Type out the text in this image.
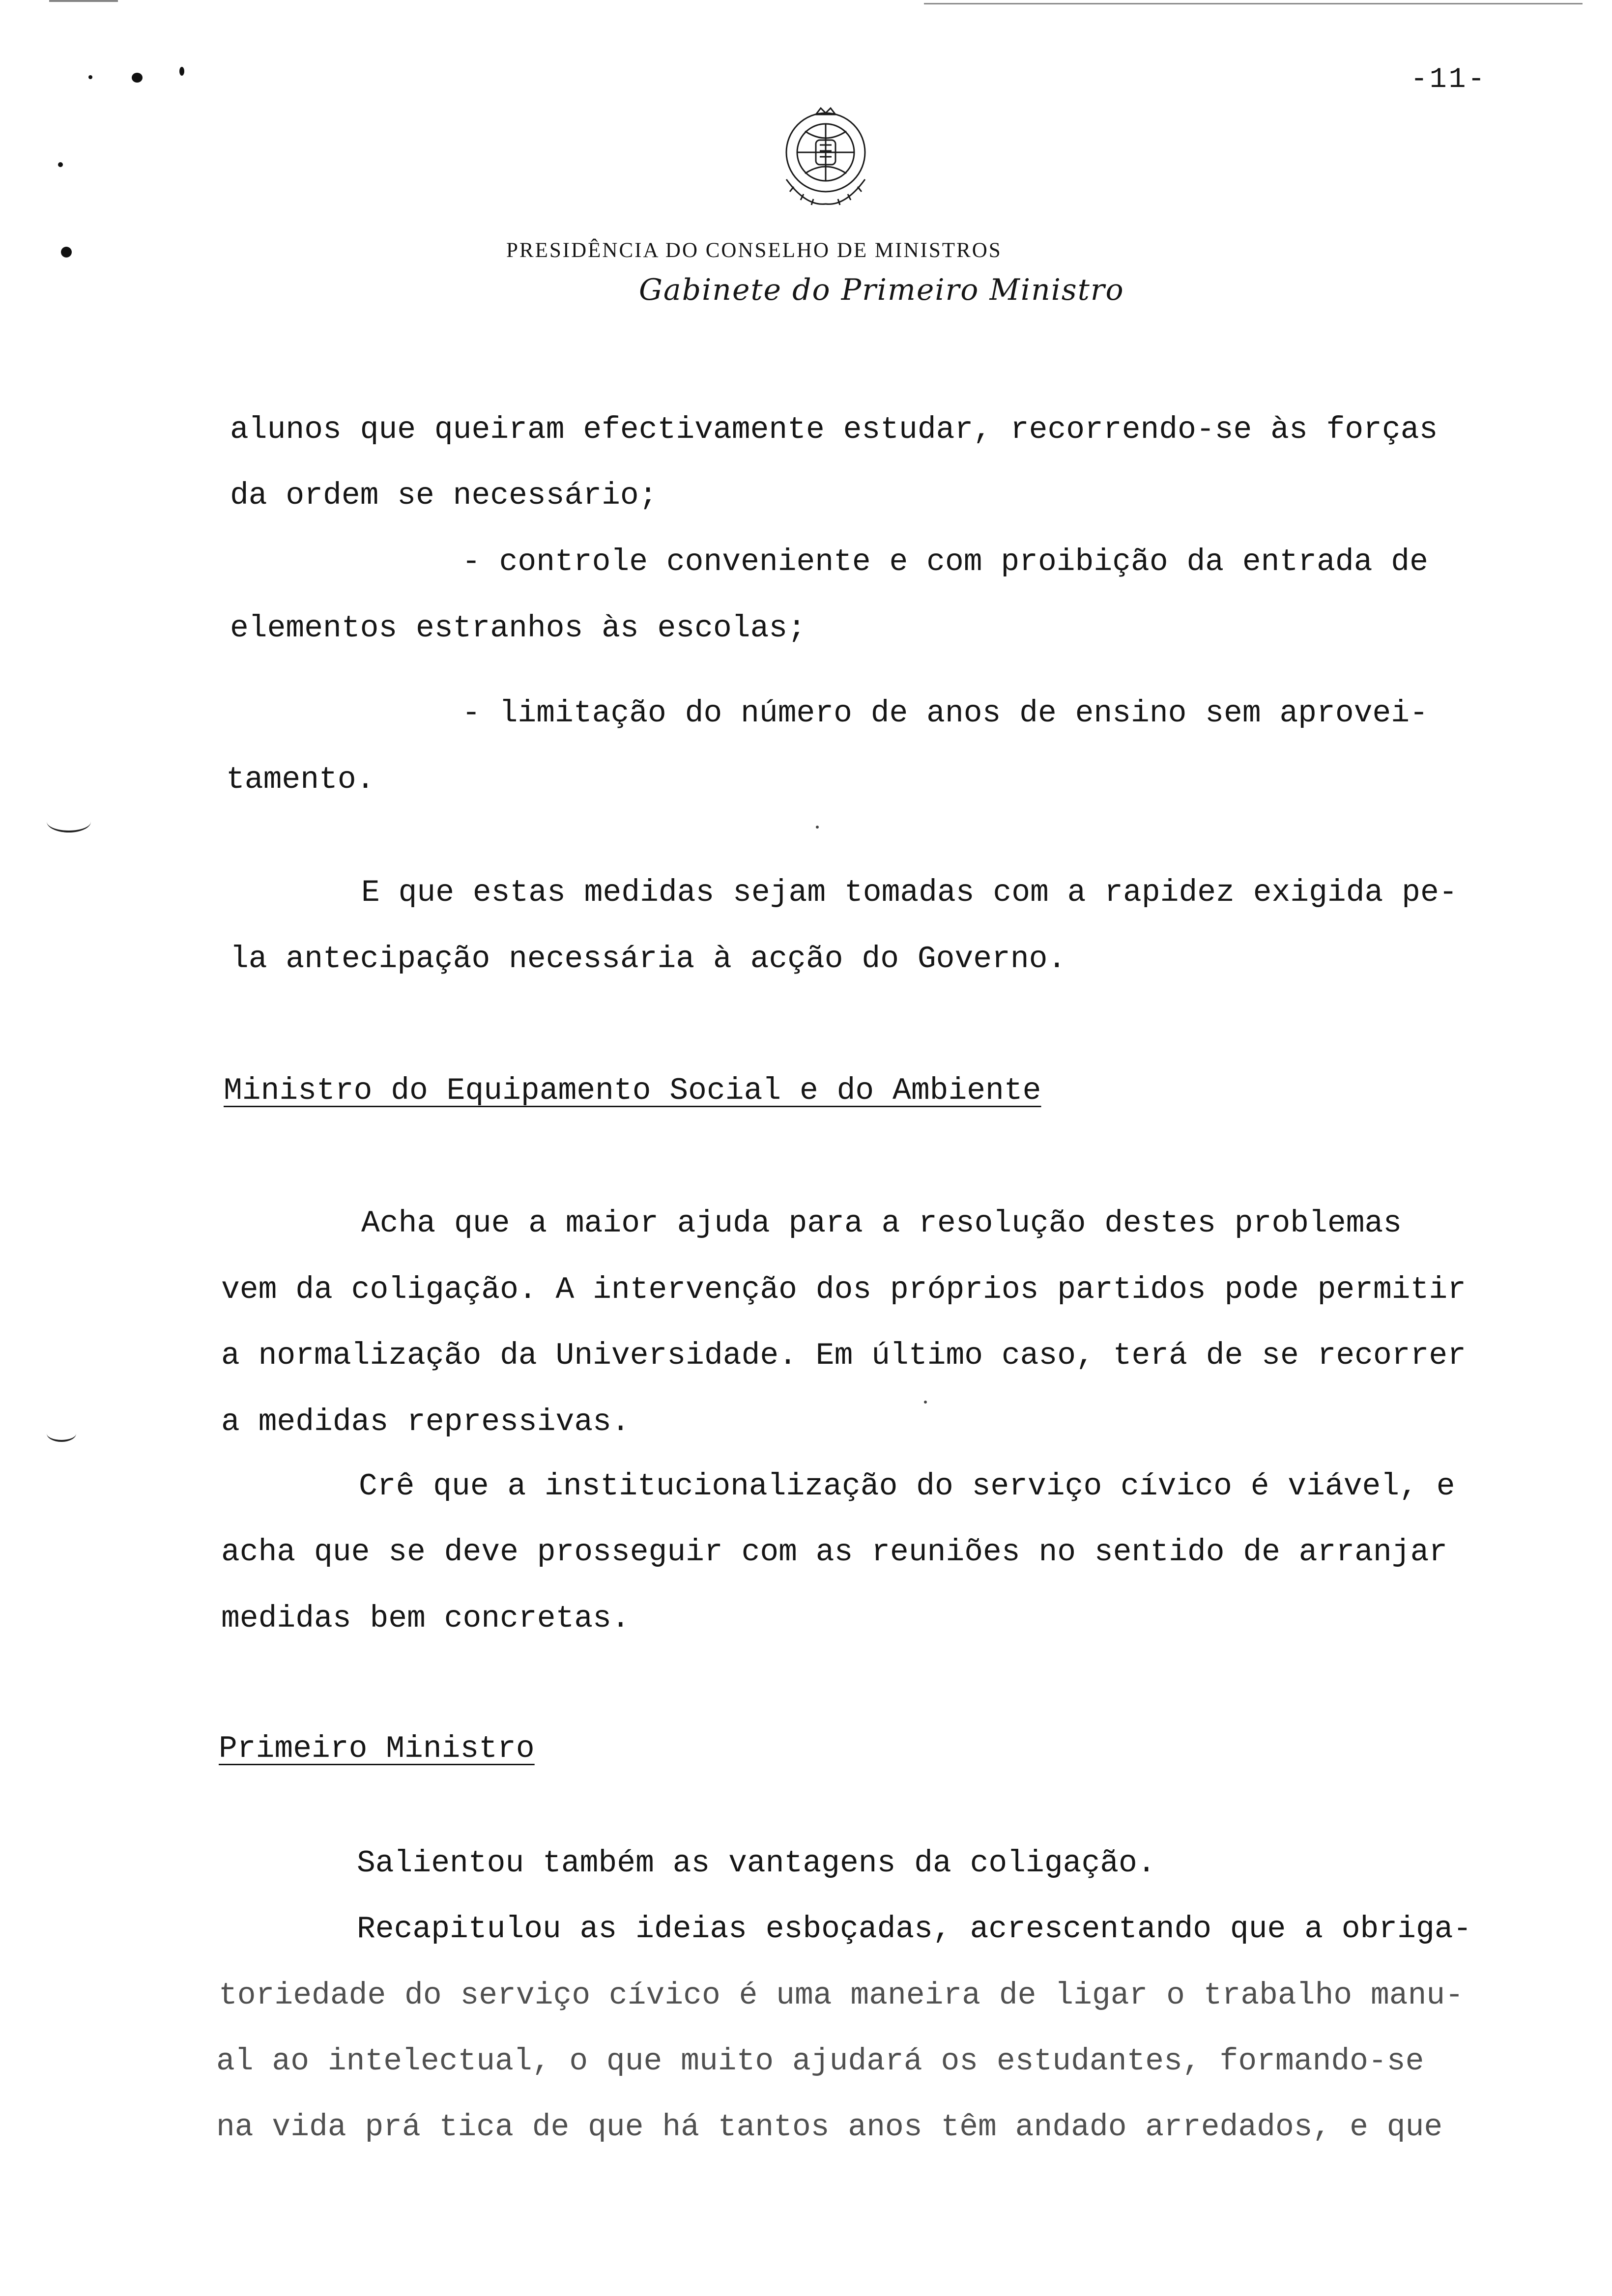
-11-
PRESIDÊNCIA DO CONSELHO DE MINISTROS
Gabinete do Primeiro Ministro
alunos que queiram efectivamente estudar, recorrendo-se às forças
da ordem se necessário;
- controle conveniente e com proibição da entrada de
elementos estranhos às escolas;
- limitação do número de anos de ensino sem aprovei-
tamento.
E que estas medidas sejam tomadas com a rapidez exigida pe-
la antecipação necessária à acção do Governo.
Ministro do Equipamento Social e do Ambiente
Acha que a maior ajuda para a resolução destes problemas
vem da coligação. A intervenção dos próprios partidos pode permitir
a normalização da Universidade. Em último caso, terá de se recorrer
a medidas repressivas.
Crê que a institucionalização do serviço cívico é viável, e
acha que se deve prosseguir com as reuniões no sentido de arranjar
medidas bem concretas.
Primeiro Ministro
Salientou também as vantagens da coligação.
Recapitulou as ideias esboçadas, acrescentando que a obriga-
toriedade do serviço cívico é uma maneira de ligar o trabalho manu-
al ao intelectual, o que muito ajudará os estudantes, formando-se
na vida prá tica de que há tantos anos têm andado arredados, e que
